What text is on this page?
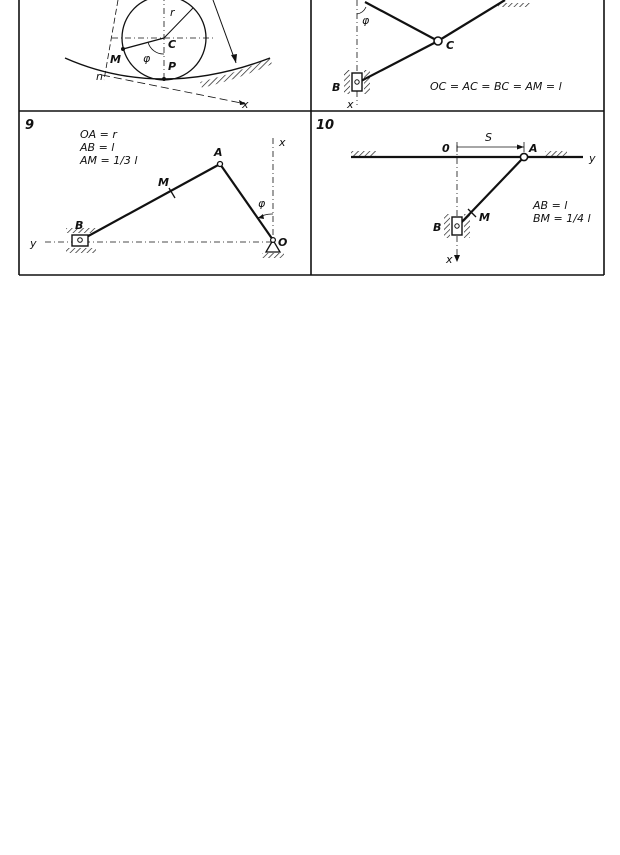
r
C
M φ
P
n
x
φ
C
B
x
OC = AC = BC = AM = l
9
OA = r
AB = l
AM = 1/3 l
A
M
B
O
x
y
φ
10
0
S
A
y
M
B
x
AB = l
BM = 1/4 l
